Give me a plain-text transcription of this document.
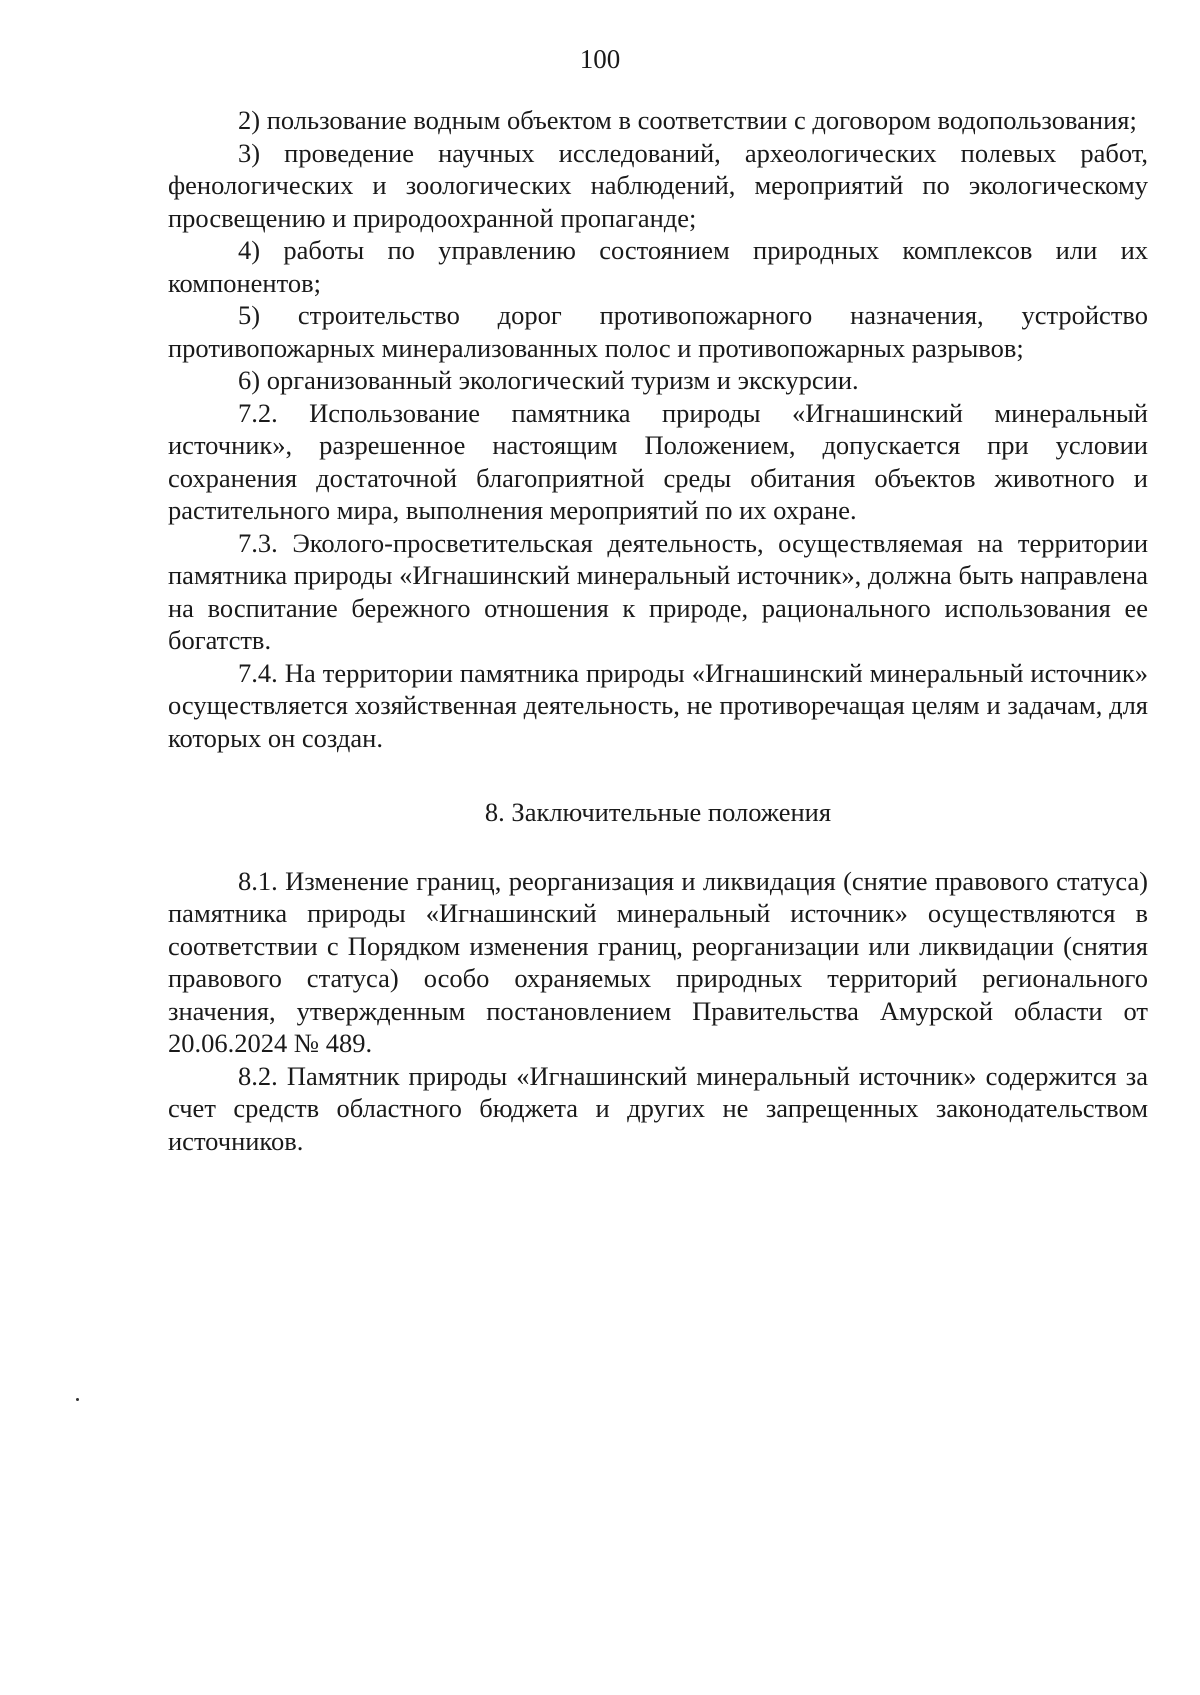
100

2) пользование водным объектом в соответствии с договором водопользования;

3) проведение научных исследований, археологических полевых работ, фенологических и зоологических наблюдений, мероприятий по экологическому просвещению и природоохранной пропаганде;

4) работы по управлению состоянием природных комплексов или их компонентов;

5) строительство дорог противопожарного назначения, устройство противопожарных минерализованных полос и противопожарных разрывов;

6) организованный экологический туризм и экскурсии.

7.2. Использование памятника природы «Игнашинский минеральный источник», разрешенное настоящим Положением, допускается при условии сохранения достаточной благоприятной среды обитания объектов животного и растительного мира, выполнения мероприятий по их охране.

7.3. Эколого-просветительская деятельность, осуществляемая на территории памятника природы «Игнашинский минеральный источник», должна быть направлена на воспитание бережного отношения к природе, рационального использования ее богатств.

7.4. На территории памятника природы «Игнашинский минеральный источник» осуществляется хозяйственная деятельность, не противоречащая целям и задачам, для которых он создан.

8. Заключительные положения

8.1. Изменение границ, реорганизация и ликвидация (снятие правового статуса) памятника природы «Игнашинский минеральный источник» осуществляются в соответствии с Порядком изменения границ, реорганизации или ликвидации (снятия правового статуса) особо охраняемых природных территорий регионального значения, утвержденным постановлением Правительства Амурской области от 20.06.2024 № 489.

8.2. Памятник природы «Игнашинский минеральный источник» содержится за счет средств областного бюджета и других не запрещенных законодательством источников.
